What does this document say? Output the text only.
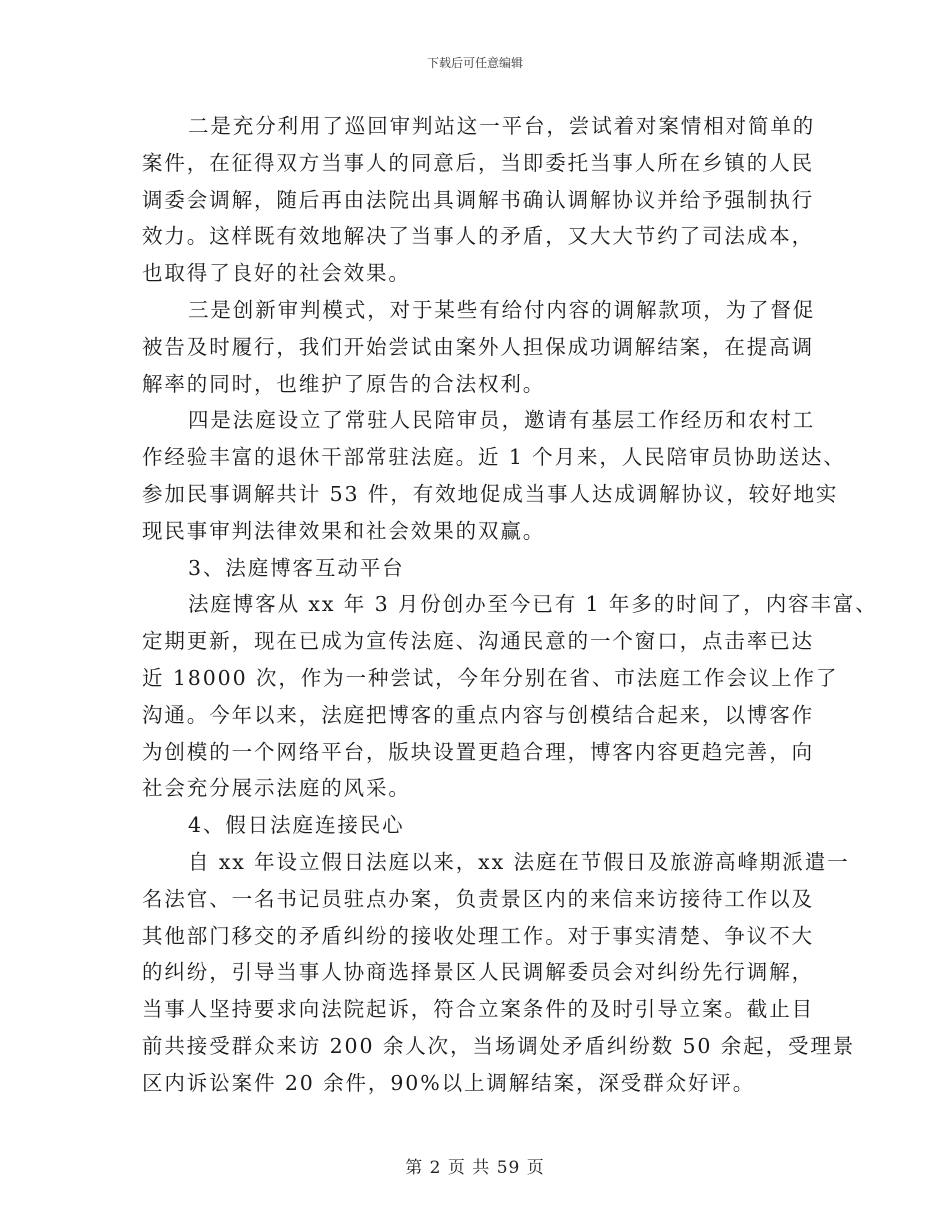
下载后可任意编辑
二是充分利用了巡回审判站这一平台，尝试着对案情相对简单的
案件，在征得双方当事人的同意后，当即委托当事人所在乡镇的人民
调委会调解，随后再由法院出具调解书确认调解协议并给予强制执行
效力。这样既有效地解决了当事人的矛盾，又大大节约了司法成本，
也取得了良好的社会效果。
三是创新审判模式，对于某些有给付内容的调解款项，为了督促
被告及时履行，我们开始尝试由案外人担保成功调解结案，在提高调
解率的同时，也维护了原告的合法权利。
四是法庭设立了常驻人民陪审员，邀请有基层工作经历和农村工
作经验丰富的退休干部常驻法庭。近 1 个月来，人民陪审员协助送达、
参加民事调解共计 53 件，有效地促成当事人达成调解协议，较好地实
现民事审判法律效果和社会效果的双赢。
3、法庭博客互动平台
法庭博客从 xx 年 3 月份创办至今已有 1 年多的时间了，内容丰富、
定期更新，现在已成为宣传法庭、沟通民意的一个窗口，点击率已达
近 18000 次，作为一种尝试，今年分别在省、市法庭工作会议上作了
沟通。今年以来，法庭把博客的重点内容与创模结合起来，以博客作
为创模的一个网络平台，版块设置更趋合理，博客内容更趋完善，向
社会充分展示法庭的风采。
4、假日法庭连接民心
自 xx 年设立假日法庭以来，xx 法庭在节假日及旅游高峰期派遣一
名法官、一名书记员驻点办案，负责景区内的来信来访接待工作以及
其他部门移交的矛盾纠纷的接收处理工作。对于事实清楚、争议不大
的纠纷，引导当事人协商选择景区人民调解委员会对纠纷先行调解，
当事人坚持要求向法院起诉，符合立案条件的及时引导立案。截止目
前共接受群众来访 200 余人次，当场调处矛盾纠纷数 50 余起，受理景
区内诉讼案件 20 余件，90%以上调解结案，深受群众好评。
第 2 页 共 59 页
